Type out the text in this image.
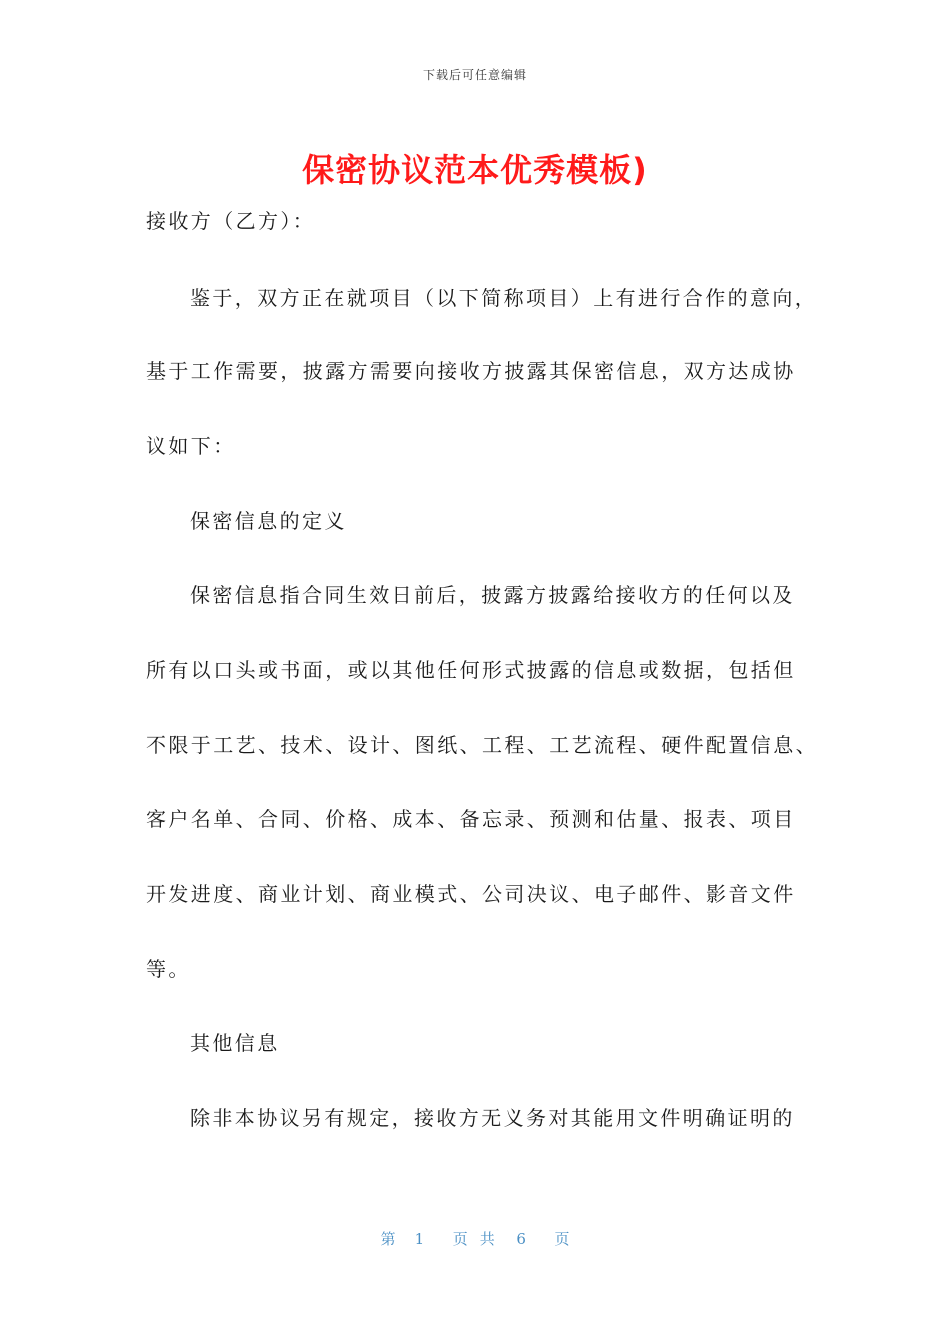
下载后可任意编辑
保密协议范本优秀模板)
接收方（乙方）：
鉴于，双方正在就项目（以下简称项目）上有进行合作的意向，
基于工作需要，披露方需要向接收方披露其保密信息，双方达成协
议如下：
保密信息的定义
保密信息指合同生效日前后，披露方披露给接收方的任何以及
所有以口头或书面，或以其他任何形式披露的信息或数据，包括但
不限于工艺、技术、设计、图纸、工程、工艺流程、硬件配置信息、
客户名单、合同、价格、成本、备忘录、预测和估量、报表、项目
开发进度、商业计划、商业模式、公司决议、电子邮件、影音文件
等。
其他信息
除非本协议另有规定，接收方无义务对其能用文件明确证明的
第 1 页共 6 页
